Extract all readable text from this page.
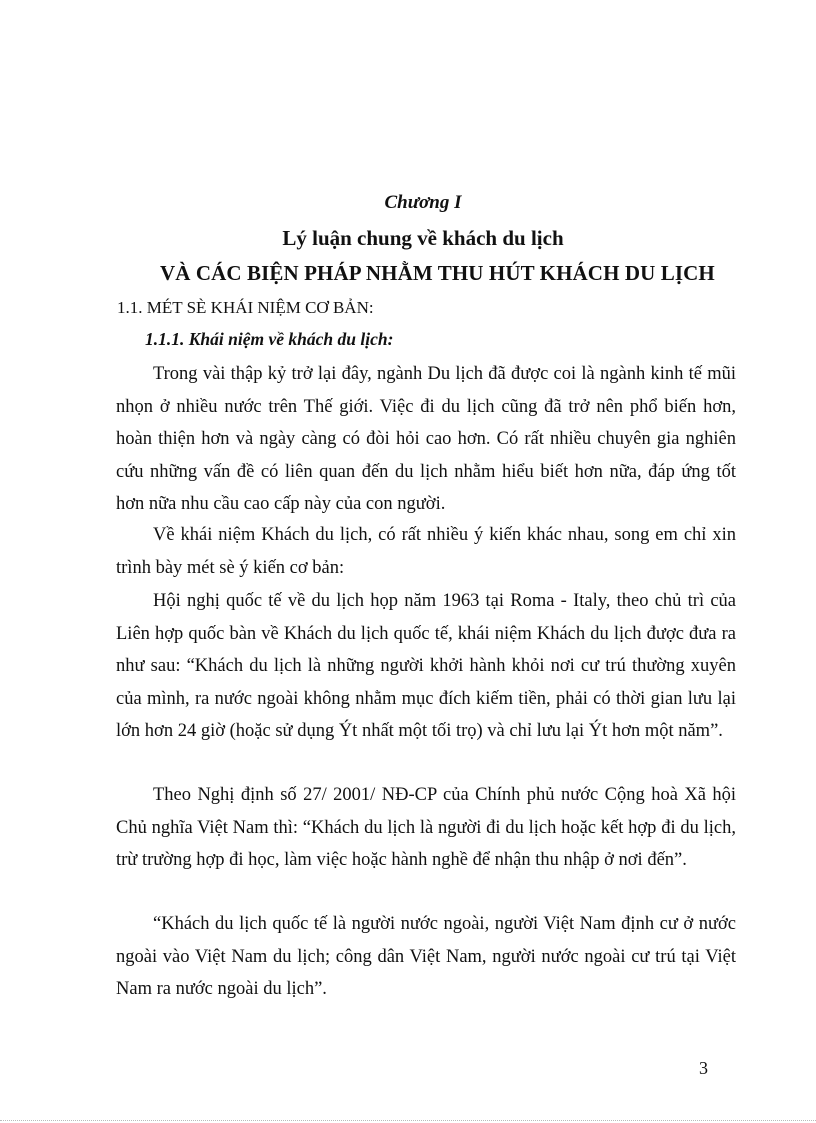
Chương I
Lý luận chung về khách du lịch
VÀ CÁC BIỆN PHÁP NHẰM THU HÚT KHÁCH DU LỊCH
1.1. MÉT SÈ KHÁI NIỆM CƠ BẢN:
1.1.1. Khái niệm về khách du lịch:

Trong vài thập kỷ trở lại đây, ngành Du lịch đã được coi là ngành kinh tế mũi nhọn ở nhiều nước trên Thế giới. Việc đi du lịch cũng đã trở nên phổ biến hơn, hoàn thiện hơn và ngày càng có đòi hỏi cao hơn. Có rất nhiều chuyên gia nghiên cứu những vấn đề có liên quan đến du lịch nhằm hiểu biết hơn nữa, đáp ứng tốt hơn nữa nhu cầu cao cấp này của con người.

Về khái niệm Khách du lịch, có rất nhiều ý kiến khác nhau, song em chỉ xin trình bày mét sè ý kiến cơ bản:

Hội nghị quốc tế về du lịch họp năm 1963 tại Roma - Italy, theo chủ trì của Liên hợp quốc bàn về Khách du lịch quốc tế, khái niệm Khách du lịch được đưa ra như sau: “Khách du lịch là những người khởi hành khỏi nơi cư trú thường xuyên của mình, ra nước ngoài không nhằm mục đích kiếm tiền, phải có thời gian lưu lại lớn hơn 24 giờ (hoặc sử dụng Ýt nhất một tối trọ) và chỉ lưu lại Ýt hơn một năm”.

Theo Nghị định số 27/ 2001/ NĐ-CP của Chính phủ nước Cộng hoà Xã hội Chủ nghĩa Việt Nam thì: “Khách du lịch là người đi du lịch hoặc kết hợp đi du lịch, trừ trường hợp đi học, làm việc hoặc hành nghề để nhận thu nhập ở nơi đến”.

“Khách du lịch quốc tế là người nước ngoài, người Việt Nam định cư ở nước ngoài vào Việt Nam du lịch; công dân Việt Nam, người nước ngoài cư trú tại Việt Nam ra nước ngoài du lịch”.

3
